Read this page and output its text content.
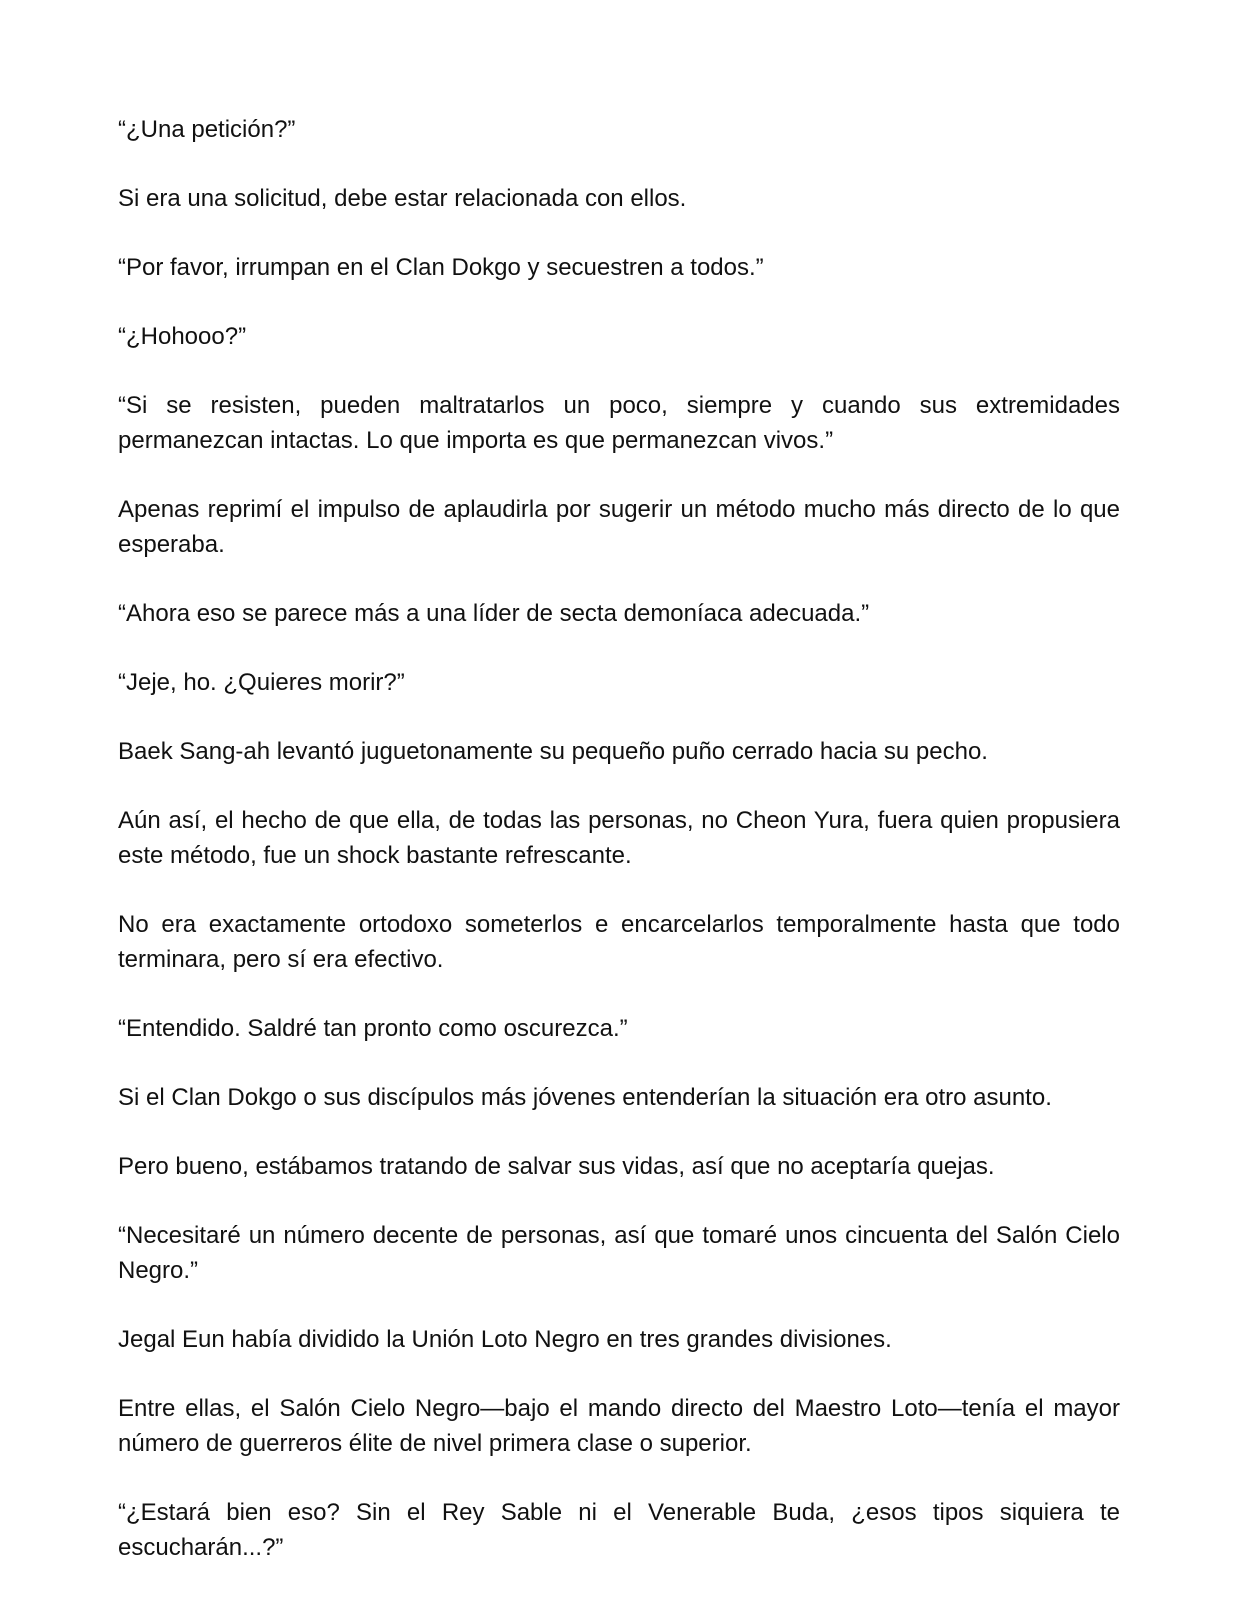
“¿Una petición?”

Si era una solicitud, debe estar relacionada con ellos.

“Por favor, irrumpan en el Clan Dokgo y secuestren a todos.”

“¿Hohooo?”

“Si se resisten, pueden maltratarlos un poco, siempre y cuando sus extremidades permanezcan intactas. Lo que importa es que permanezcan vivos.”

Apenas reprimí el impulso de aplaudirla por sugerir un método mucho más directo de lo que esperaba.

“Ahora eso se parece más a una líder de secta demoníaca adecuada.”

“Jeje, ho. ¿Quieres morir?”

Baek Sang-ah levantó juguetonamente su pequeño puño cerrado hacia su pecho.

Aún así, el hecho de que ella, de todas las personas, no Cheon Yura, fuera quien propusiera este método, fue un shock bastante refrescante.

No era exactamente ortodoxo someterlos e encarcelarlos temporalmente hasta que todo terminara, pero sí era efectivo.

“Entendido. Saldré tan pronto como oscurezca.”

Si el Clan Dokgo o sus discípulos más jóvenes entenderían la situación era otro asunto.

Pero bueno, estábamos tratando de salvar sus vidas, así que no aceptaría quejas.

“Necesitaré un número decente de personas, así que tomaré unos cincuenta del Salón Cielo Negro.”

Jegal Eun había dividido la Unión Loto Negro en tres grandes divisiones.

Entre ellas, el Salón Cielo Negro—bajo el mando directo del Maestro Loto—tenía el mayor número de guerreros élite de nivel primera clase o superior.

“¿Estará bien eso? Sin el Rey Sable ni el Venerable Buda, ¿esos tipos siquiera te escucharán...?”
